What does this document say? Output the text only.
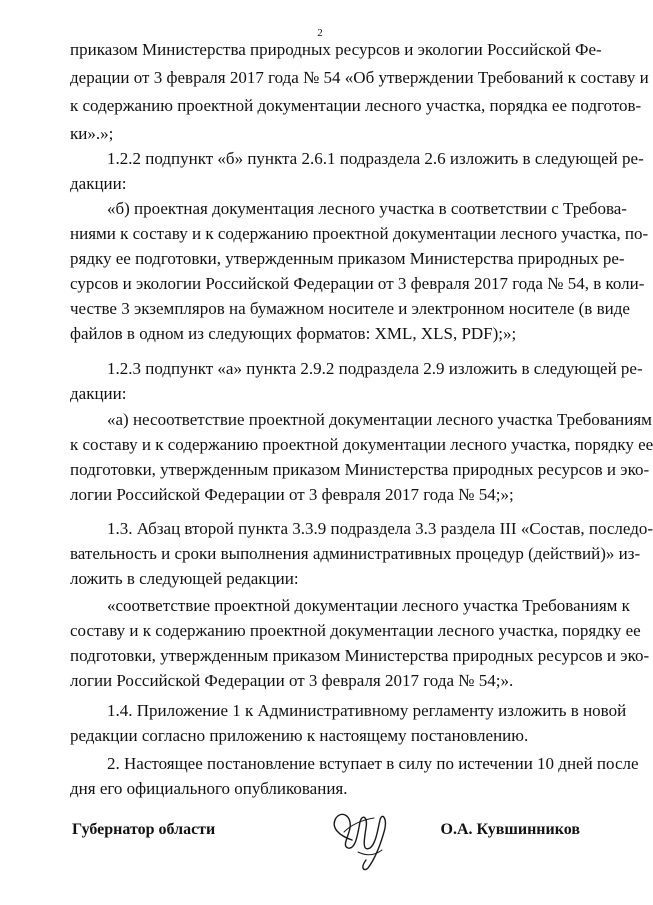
2
приказом Министерства природных ресурсов и экологии Российской Фе-
дерации от 3 февраля 2017 года № 54 «Об утверждении Требований к составу и
к содержанию проектной документации лесного участка, порядка ее подготов-
ки».»;
1.2.2 подпункт «б» пункта 2.6.1 подраздела 2.6 изложить в следующей ре-
дакции:
«б) проектная документация лесного участка в соответствии с Требова-
ниями к составу и к содержанию проектной документации лесного участка, по-
рядку ее подготовки, утвержденным приказом Министерства природных ре-
сурсов и экологии Российской Федерации от 3 февраля 2017 года № 54, в коли-
честве 3 экземпляров на бумажном носителе и электронном носителе (в виде
файлов в одном из следующих форматов: XML, XLS, PDF);»;
1.2.3 подпункт «а» пункта 2.9.2 подраздела 2.9 изложить в следующей ре-
дакции:
«а) несоответствие проектной документации лесного участка Требованиям
к составу и к содержанию проектной документации лесного участка, порядку ее
подготовки, утвержденным приказом Министерства природных ресурсов и эко-
логии Российской Федерации от 3 февраля 2017 года № 54;»;
1.3. Абзац второй пункта 3.3.9 подраздела 3.3 раздела III «Состав, последо-
вательность и сроки выполнения административных процедур (действий)» из-
ложить в следующей редакции:
«соответствие проектной документации лесного участка Требованиям к
составу и к содержанию проектной документации лесного участка, порядку ее
подготовки, утвержденным приказом Министерства природных ресурсов и эко-
логии Российской Федерации от 3 февраля 2017 года № 54;».
1.4. Приложение 1 к Административному регламенту изложить в новой
редакции согласно приложению к настоящему постановлению.
2. Настоящее постановление вступает в силу по истечении 10 дней после
дня его официального опубликования.
Губернатор области	О.А. Кувшинников
